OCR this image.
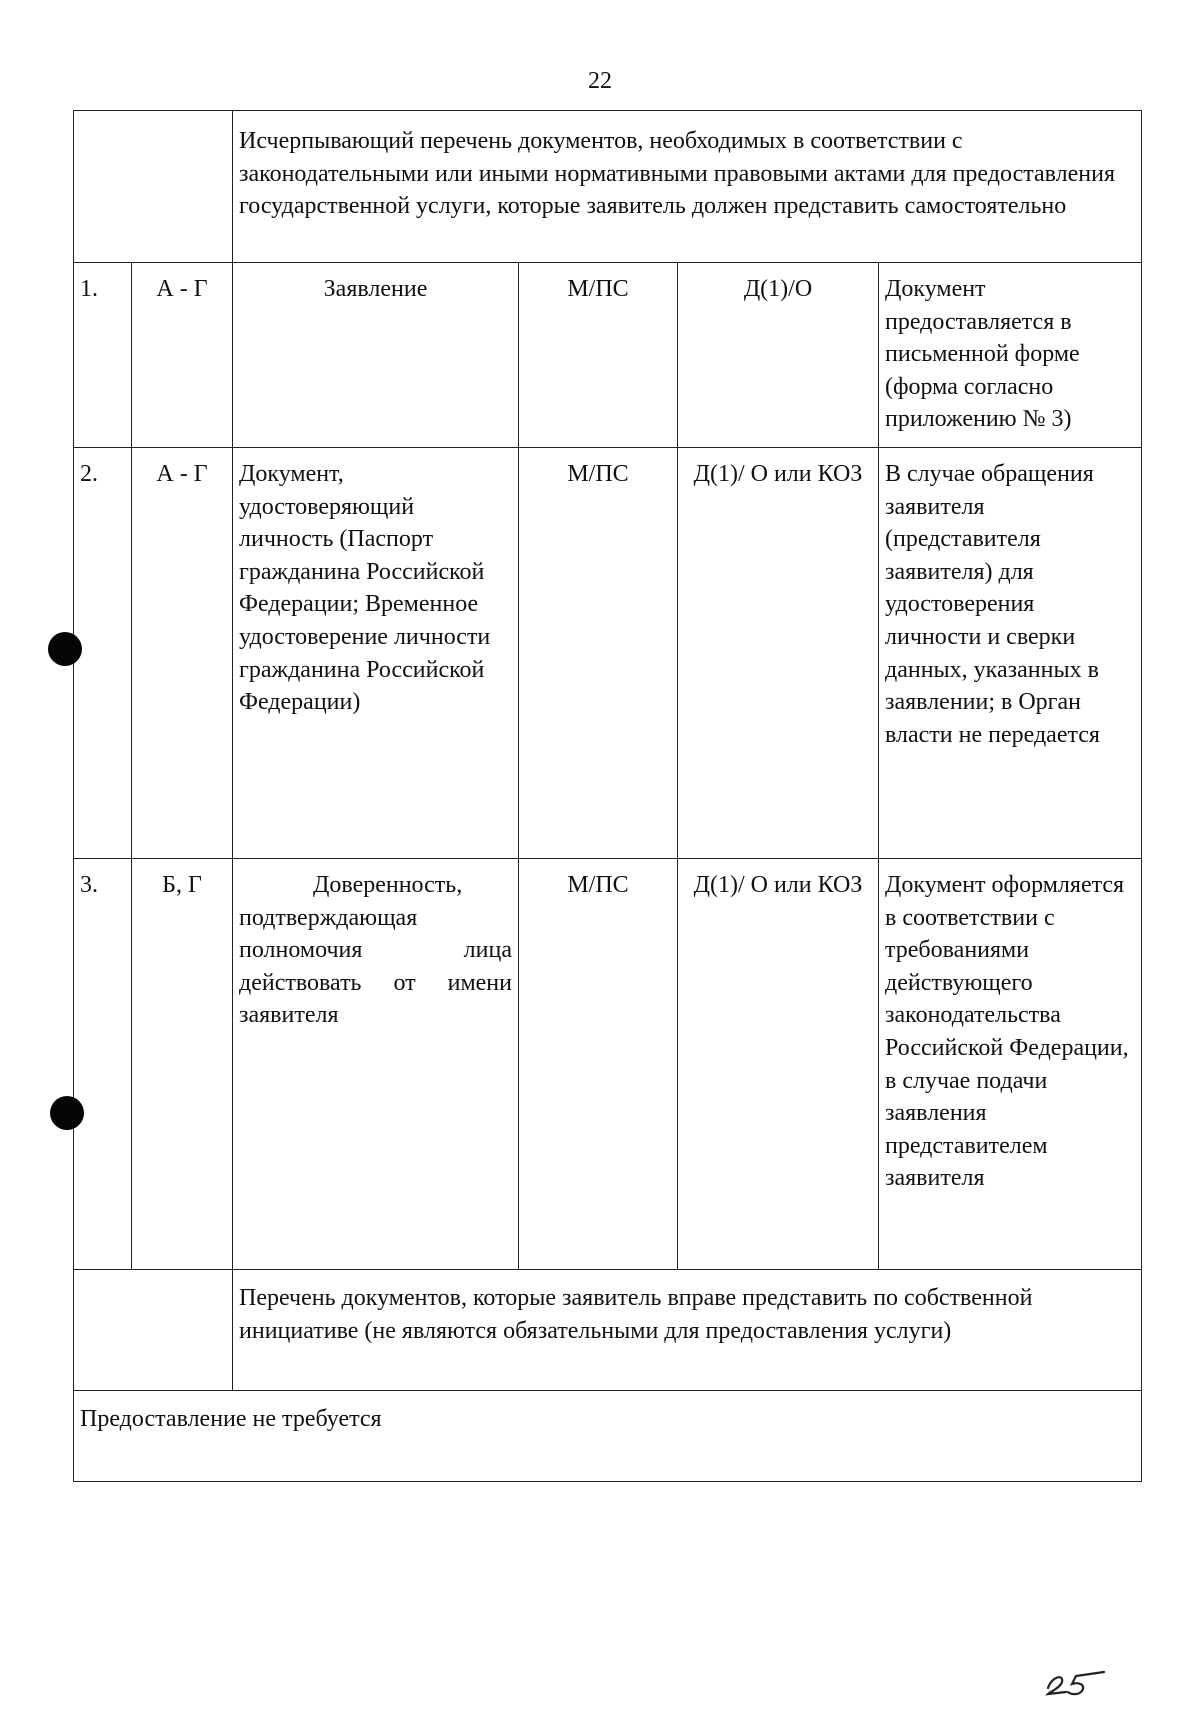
22
		Исчерпывающий перечень документов, необходимых в соответствии с законодательными или иными нормативными правовыми актами для предоставления государственной услуги, которые заявитель должен представить самостоятельно			
1.	А - Г	Заявление	М/ПС	Д(1)/О	Документ предоставляется в письменной форме (форма согласно приложению № 3)
2.	А - Г	Документ, удостоверяющий личность (Паспорт гражданина Российской Федерации; Временное удостоверение личности гражданина Российской Федерации)	М/ПС	Д(1)/ О или КОЗ	В случае обращения заявителя (представителя заявителя) для удостоверения личности и сверки данных, указанных в заявлении; в Орган власти не передается
3.	Б, Г	Доверенность, подтверждающая полномочия лица действовать от имени заявителя	М/ПС	Д(1)/ О или КОЗ	Документ оформляется в соответствии с требованиями действующего законодательства Российской Федерации, в случае подачи заявления представителем заявителя
		Перечень документов, которые заявитель вправе представить по собственной инициативе (не являются обязательными для предоставления услуги)			
Предоставление не требуется					
